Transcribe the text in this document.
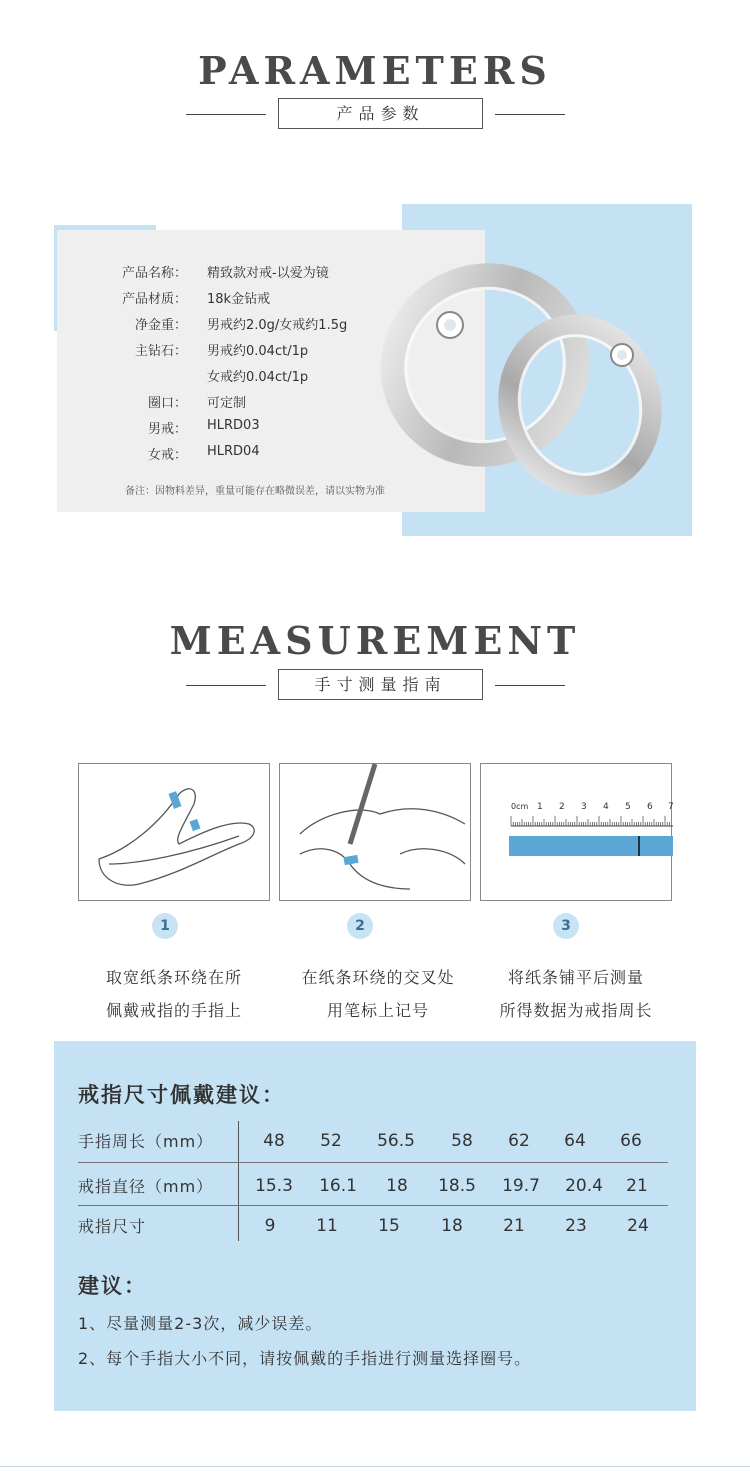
PARAMETERS
产品参数
产品名称： 精致款对戒-以爱为镜
产品材质： 18k金钻戒
净金重： 男戒约2.0g/女戒约1.5g
主钻石： 男戒约0.04ct/1p
女戒约0.04ct/1p
圈口： 可定制
男戒： HLRD03
女戒： HLRD04
备注：因物料差异，重量可能存在略微误差，请以实物为准
MEASUREMENT
手寸测量指南
0cm 1 2 3 4 5 6 7
1	2	3
取宽纸条环绕在所
佩戴戒指的手指上
在纸条环绕的交叉处
用笔标上记号
将纸条铺平后测量
所得数据为戒指周长
戒指尺寸佩戴建议：
手指周长（mm）	48	52	56.5	58	62	64	66
戒指直径（mm）	15.3	16.1	18	18.5	19.7	20.4	21
戒指尺寸	9	11	15	18	21	23	24
建议：
1、尽量测量2-3次，减少误差。
2、每个手指大小不同，请按佩戴的手指进行测量选择圈号。
